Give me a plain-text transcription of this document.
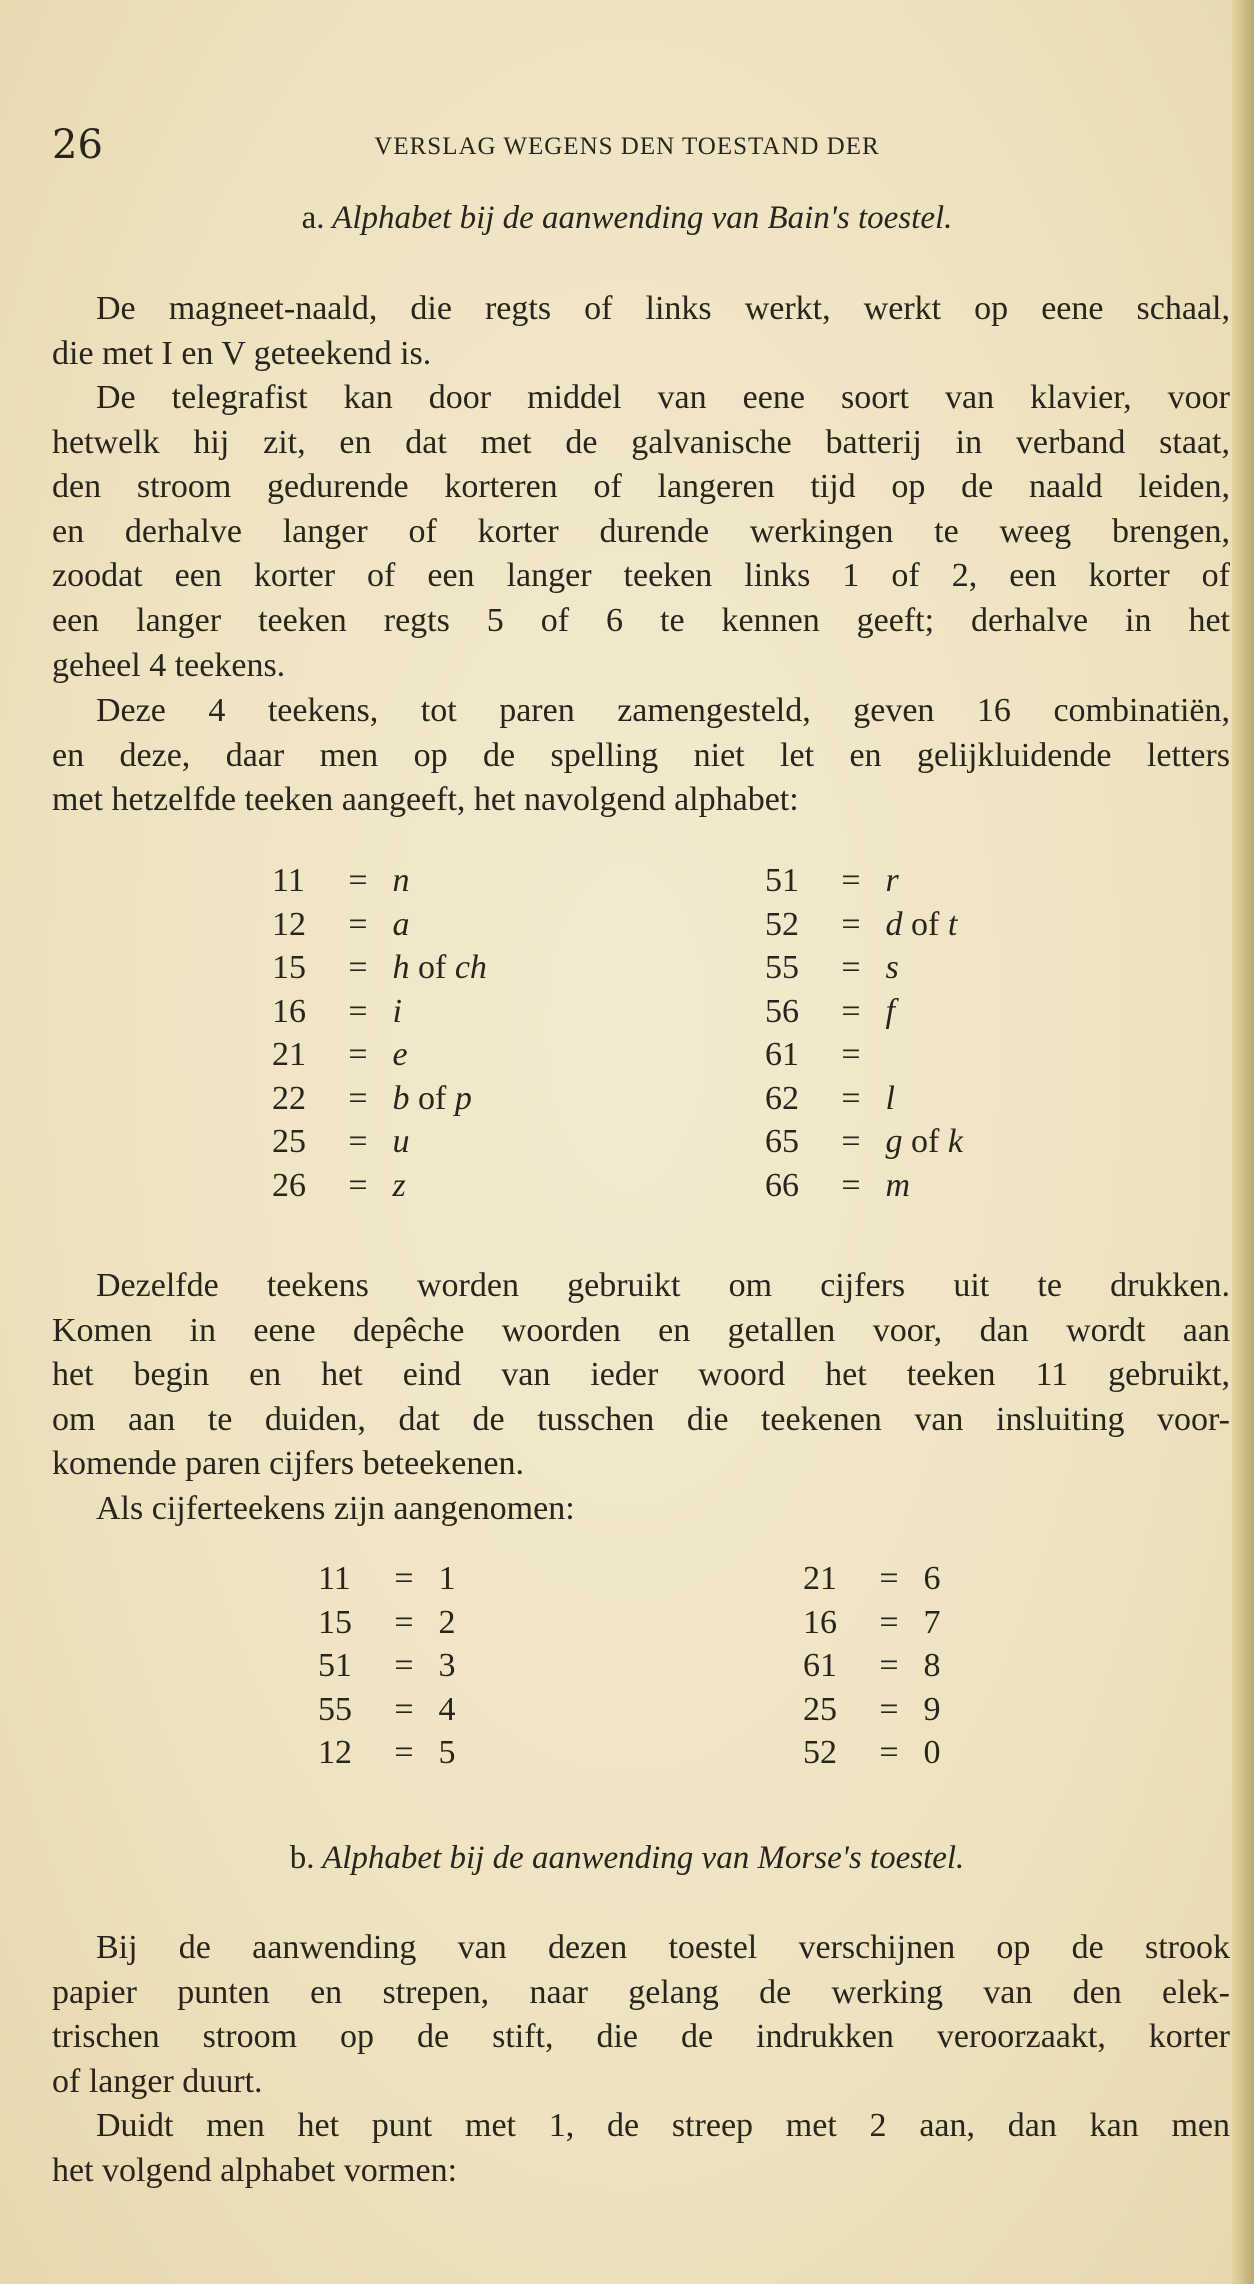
26	VERSLAG WEGENS DEN TOESTAND DER
a. Alphabet bij de aanwending van Bain's toestel.
De magneet-naald, die regts of links werkt, werkt op eene schaal,
die met I en V geteekend is.
De telegrafist kan door middel van eene soort van klavier, voor
hetwelk hij zit, en dat met de galvanische batterij in verband staat,
den stroom gedurende korteren of langeren tijd op de naald leiden,
en derhalve langer of korter durende werkingen te weeg brengen,
zoodat een korter of een langer teeken links 1 of 2, een korter of
een langer teeken regts 5 of 6 te kennen geeft; derhalve in het
geheel 4 teekens.
Deze 4 teekens, tot paren zamengesteld, geven 16 combinatiën,
en deze, daar men op de spelling niet let en gelijkluidende letters
met hetzelfde teeken aangeeft, het navolgend alphabet:
11 = n
12 = a
15 = h of ch
16 = i
21 = e
22 = b of p
25 = u
26 = z
51 = r
52 = d of t
55 = s
56 = f
61 =
62 = l
65 = g of k
66 = m
Dezelfde teekens worden gebruikt om cijfers uit te drukken.
Komen in eene depêche woorden en getallen voor, dan wordt aan
het begin en het eind van ieder woord het teeken 11 gebruikt,
om aan te duiden, dat de tusschen die teekenen van insluiting voor-
komende paren cijfers beteekenen.
Als cijferteekens zijn aangenomen:
11 = 1
15 = 2
51 = 3
55 = 4
12 = 5
21 = 6
16 = 7
61 = 8
25 = 9
52 = 0
b. Alphabet bij de aanwending van Morse's toestel.
Bij de aanwending van dezen toestel verschijnen op de strook
papier punten en strepen, naar gelang de werking van den elek-
trischen stroom op de stift, die de indrukken veroorzaakt, korter
of langer duurt.
Duidt men het punt met 1, de streep met 2 aan, dan kan men
het volgend alphabet vormen:
